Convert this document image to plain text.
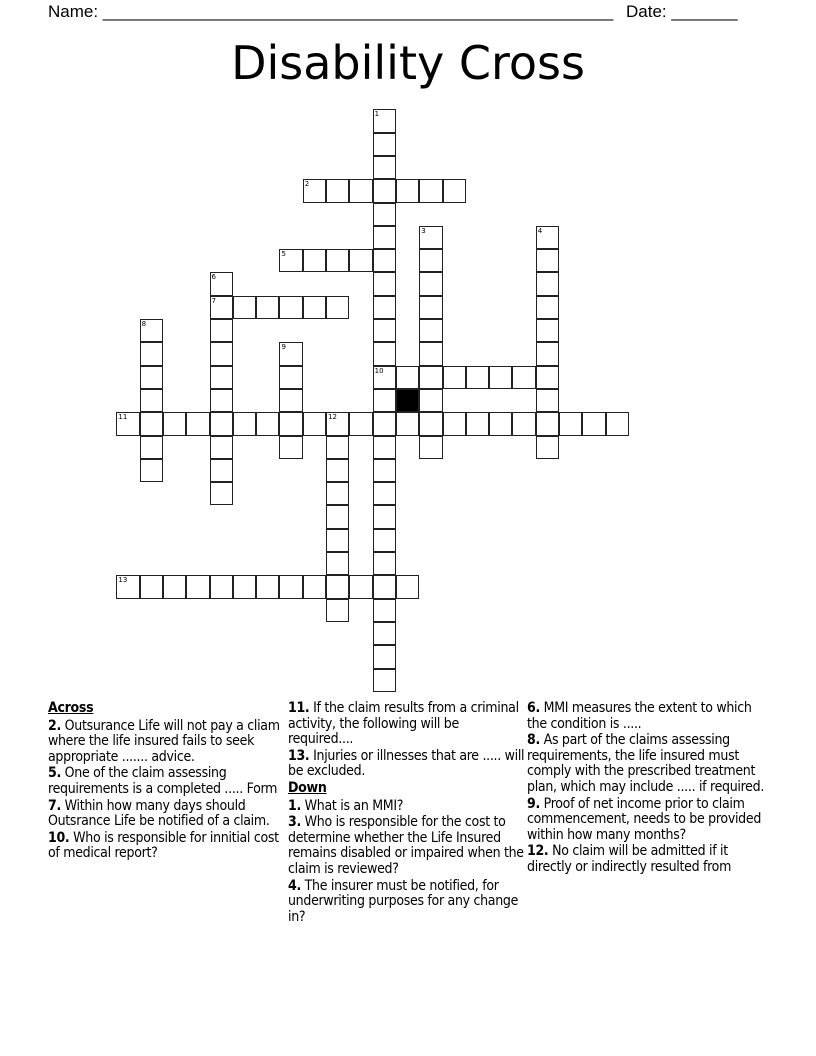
Name: ______________________________________________________ Date: _______
Disability Cross
1
10
2
3	4
5
6
7
8
9
11	12
13
Across

2. Outsurance Life will not pay a cliam where the life insured fails to seek appropriate ....... advice.

5. One of the claim assessing requirements is a completed ..... Form

7. Within how many days should Outsrance Life be notified of a claim.

10. Who is responsible for innitial cost of medical report?

11. If the claim results from a criminal activity, the following will be required....

13. Injuries or illnesses that are ..... will be excluded.

Down

1. What is an MMI?

3. Who is responsible for the cost to determine whether the Life Insured remains disabled or impaired when the claim is reviewed?

4. The insurer must be notified, for underwriting purposes for any change in?

6. MMI measures the extent to which the condition is .....

8. As part of the claims assessing requirements, the life insured must comply with the prescribed treatment plan, which may include ..... if required.

9. Proof of net income prior to claim commencement, needs to be provided within how many months?

12. No claim will be admitted if it directly or indirectly resulted from
